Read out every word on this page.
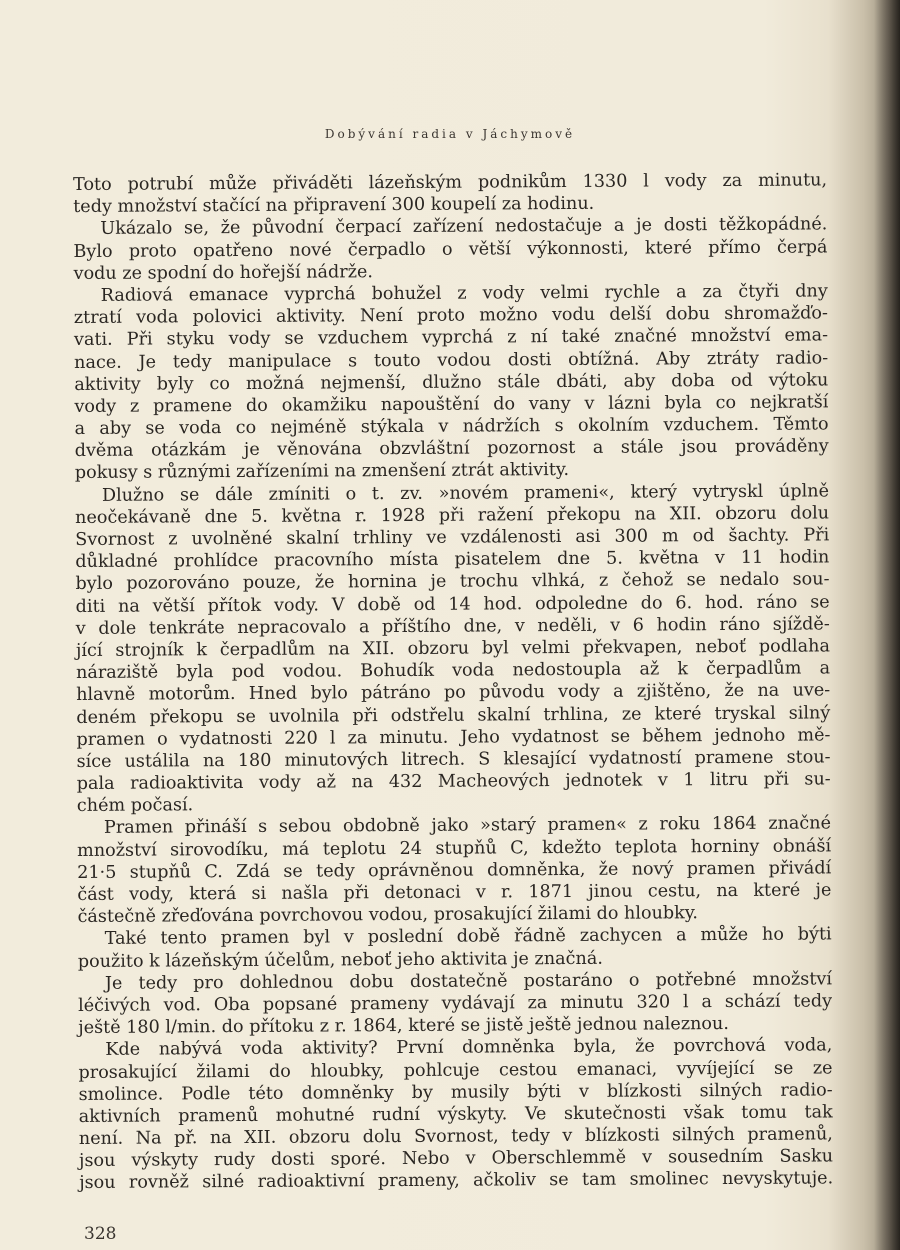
Dobývání radia v Jáchymově
Toto potrubí může přiváděti lázeňským podnikům 1330 l vody za minutu,
tedy množství stačící na připravení 300 koupelí za hodinu.
Ukázalo se, že původní čerpací zařízení nedostačuje a je dosti těžkopádné.
Bylo proto opatřeno nové čerpadlo o větší výkonnosti, které přímo čerpá
vodu ze spodní do hořejší nádrže.
Radiová emanace vyprchá bohužel z vody velmi rychle a za čtyři dny
ztratí voda polovici aktivity. Není proto možno vodu delší dobu shromažďo-
vati. Při styku vody se vzduchem vyprchá z ní také značné množství ema-
nace. Je tedy manipulace s touto vodou dosti obtížná. Aby ztráty radio-
aktivity byly co možná nejmenší, dlužno stále dbáti, aby doba od výtoku
vody z pramene do okamžiku napouštění do vany v lázni byla co nejkratší
a aby se voda co nejméně stýkala v nádržích s okolním vzduchem. Těmto
dvěma otázkám je věnována obzvláštní pozornost a stále jsou prováděny
pokusy s různými zařízeními na zmenšení ztrát aktivity.
Dlužno se dále zmíniti o t. zv. »novém prameni«, který vytryskl úplně
neočekávaně dne 5. května r. 1928 při ražení překopu na XII. obzoru dolu
Svornost z uvolněné skalní trhliny ve vzdálenosti asi 300 m od šachty. Při
důkladné prohlídce pracovního místa pisatelem dne 5. května v 11 hodin
bylo pozorováno pouze, že hornina je trochu vlhká, z čehož se nedalo sou-
diti na větší přítok vody. V době od 14 hod. odpoledne do 6. hod. ráno se
v dole tenkráte nepracovalo a příštího dne, v neděli, v 6 hodin ráno sjíždě-
jící strojník k čerpadlům na XII. obzoru byl velmi překvapen, neboť podlaha
náraziště byla pod vodou. Bohudík voda nedostoupla až k čerpadlům a
hlavně motorům. Hned bylo pátráno po původu vody a zjištěno, že na uve-
deném překopu se uvolnila při odstřelu skalní trhlina, ze které tryskal silný
pramen o vydatnosti 220 l za minutu. Jeho vydatnost se během jednoho mě-
síce ustálila na 180 minutových litrech. S klesající vydatností pramene stou-
pala radioaktivita vody až na 432 Macheových jednotek v 1 litru při su-
chém počasí.
Pramen přináší s sebou obdobně jako »starý pramen« z roku 1864 značné
množství sirovodíku, má teplotu 24 stupňů C, kdežto teplota horniny obnáší
21·5 stupňů C. Zdá se tedy oprávněnou domněnka, že nový pramen přivádí
část vody, která si našla při detonaci v r. 1871 jinou cestu, na které je
částečně zřeďována povrchovou vodou, prosakující žilami do hloubky.
Také tento pramen byl v poslední době řádně zachycen a může ho býti
použito k lázeňským účelům, neboť jeho aktivita je značná.
Je tedy pro dohlednou dobu dostatečně postaráno o potřebné množství
léčivých vod. Oba popsané prameny vydávají za minutu 320 l a schází tedy
ještě 180 l/min. do přítoku z r. 1864, které se jistě ještě jednou naleznou.
Kde nabývá voda aktivity? První domněnka byla, že povrchová voda,
prosakující žilami do hloubky, pohlcuje cestou emanaci, vyvíjející se ze
smolince. Podle této domněnky by musily býti v blízkosti silných radio-
aktivních pramenů mohutné rudní výskyty. Ve skutečnosti však tomu tak
není. Na př. na XII. obzoru dolu Svornost, tedy v blízkosti silných pramenů,
jsou výskyty rudy dosti sporé. Nebo v Oberschlemmě v sousedním Sasku
jsou rovněž silné radioaktivní prameny, ačkoliv se tam smolinec nevyskytuje.
328
